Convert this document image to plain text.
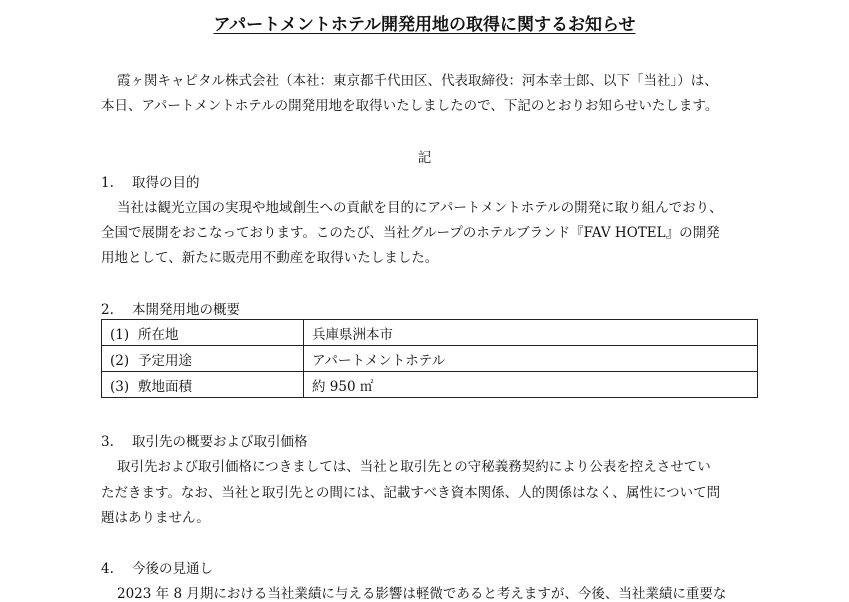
アパートメントホテル開発用地の取得に関するお知らせ
霞ヶ関キャピタル株式会社（本社：東京都千代田区、代表取締役：河本幸士郎、以下「当社」）は、
本日、アパートメントホテルの開発用地を取得いたしましたので、下記のとおりお知らせいたします。
記
1. 取得の目的
当社は観光立国の実現や地域創生への貢献を目的にアパートメントホテルの開発に取り組んでおり、
全国で展開をおこなっております。このたび、当社グループのホテルブランド『FAV HOTEL』の開発
用地として、新たに販売用不動産を取得いたしました。
2. 本開発用地の概要
(1) 所在地	兵庫県洲本市
(2) 予定用途	アパートメントホテル
(3) 敷地面積	約 950 ㎡
3. 取引先の概要および取引価格
取引先および取引価格につきましては、当社と取引先との守秘義務契約により公表を控えさせてい
ただきます。なお、当社と取引先との間には、記載すべき資本関係、人的関係はなく、属性について問
題はありません。
4. 今後の見通し
2023 年 8 月期における当社業績に与える影響は軽微であると考えますが、今後、当社業績に重要な
